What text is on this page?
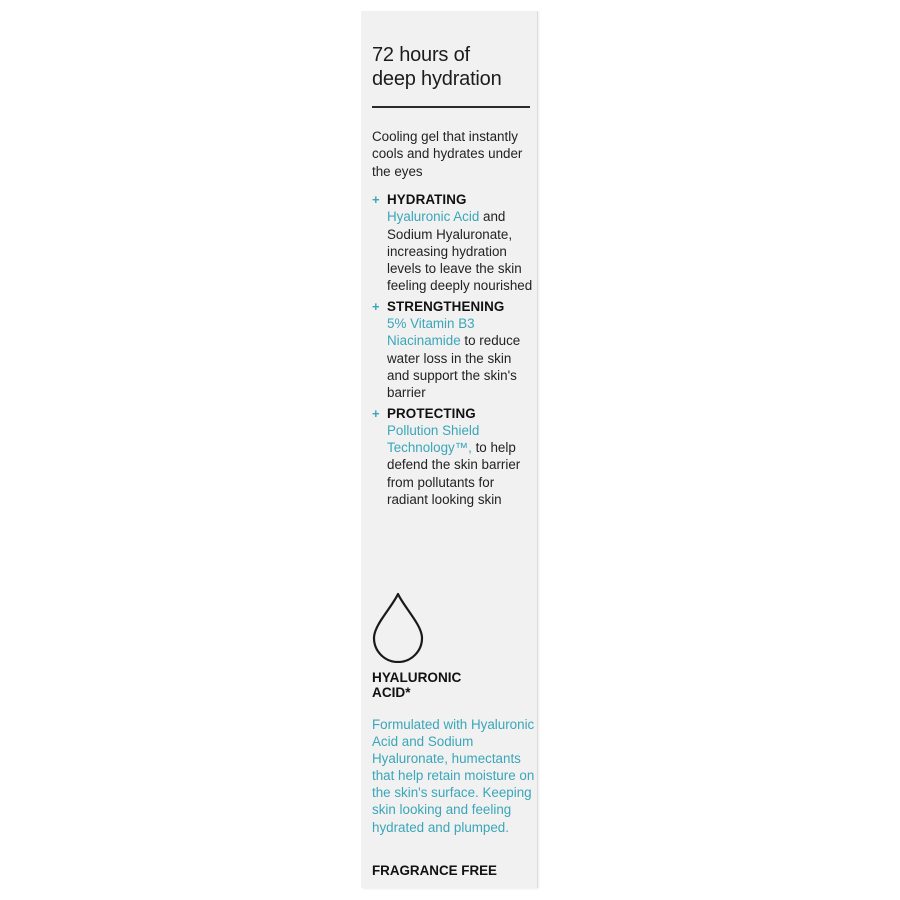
72 hours of
deep hydration
Cooling gel that instantly cools and hydrates under the eyes
+ HYDRATING
Hyaluronic Acid and Sodium Hyaluronate, increasing hydration levels to leave the skin feeling deeply nourished
+ STRENGTHENING
5% Vitamin B3 Niacinamide to reduce water loss in the skin and support the skin's barrier
+ PROTECTING
Pollution Shield Technology™, to help defend the skin barrier from pollutants for radiant looking skin
HYALURONIC
ACID*
Formulated with Hyaluronic Acid and Sodium Hyaluronate, humectants that help retain moisture on the skin's surface. Keeping skin looking and feeling hydrated and plumped.
FRAGRANCE FREE
